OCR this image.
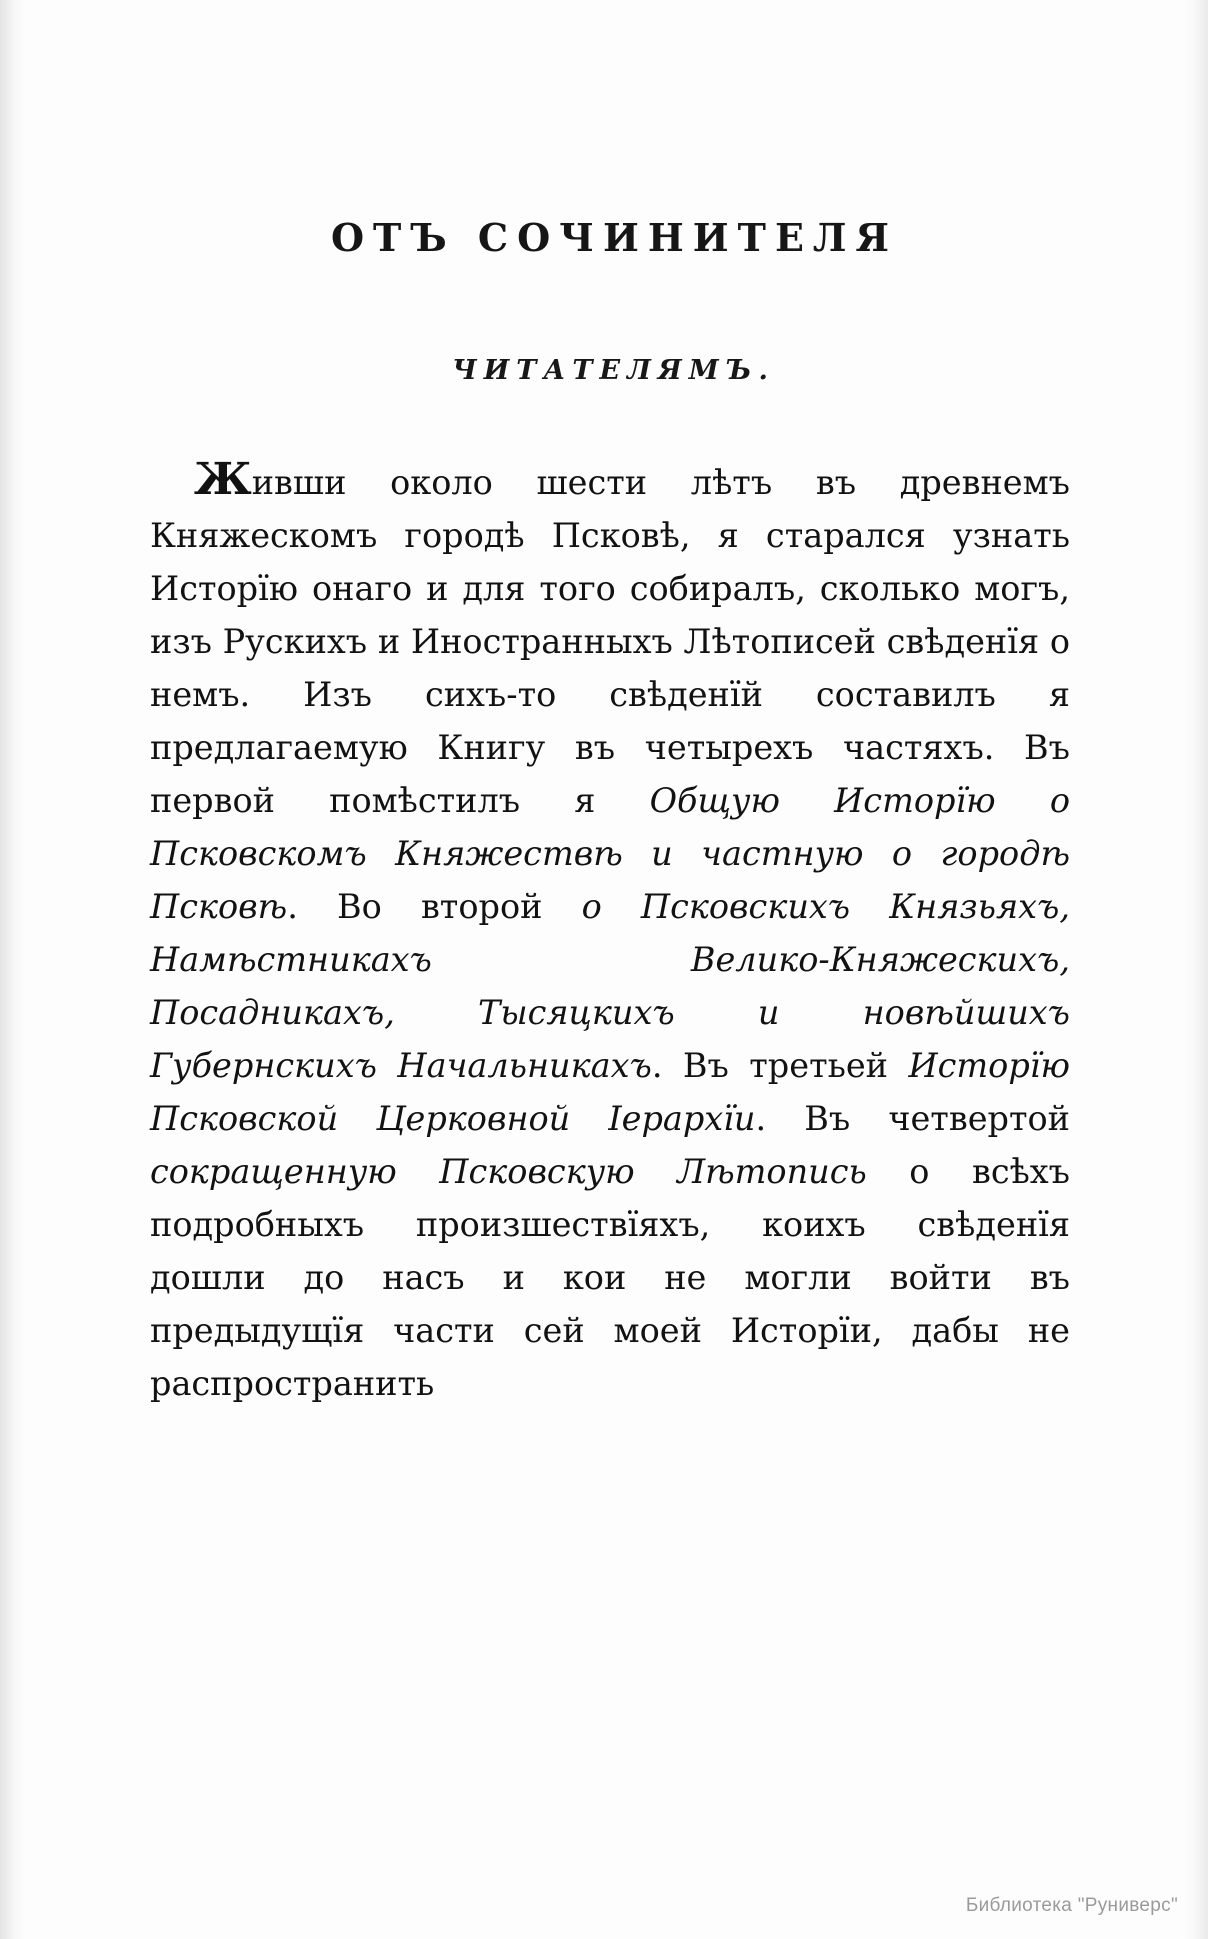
ОТЪ СОЧИНИТЕЛЯ
ЧИТАТЕЛЯМЪ.

Живши около шести лѣтъ въ древнемъ Княжескомъ городѣ Псковѣ, я старался узнать Исторїю онаго и для того собиралъ, сколько могъ, изъ Рускихъ и Иностранныхъ Лѣтописей свѣденїя о немъ. Изъ сихъ-то свѣденїй составилъ я предлагаемую Книгу въ четырехъ частяхъ. Въ первой помѣстилъ я Общую Исторїю о Псковскомъ Княжествѣ и частную о городѣ Псковѣ. Во второй о Псковскихъ Князьяхъ, Намѣстникахъ Велико-Княжескихъ, Посадникахъ, Тысяцкихъ и новѣйшихъ Губернскихъ Начальникахъ. Въ третьей Исторїю Псковской Церковной Іерархїи. Въ четвертой сокращенную Псковскую Лѣтопись о всѣхъ подробныхъ произшествїяхъ, коихъ свѣденїя дошли до насъ и кои не могли войти въ предыдущїя части сей моей Исторїи, дабы не распространить

Библиотека "Руниверс"
